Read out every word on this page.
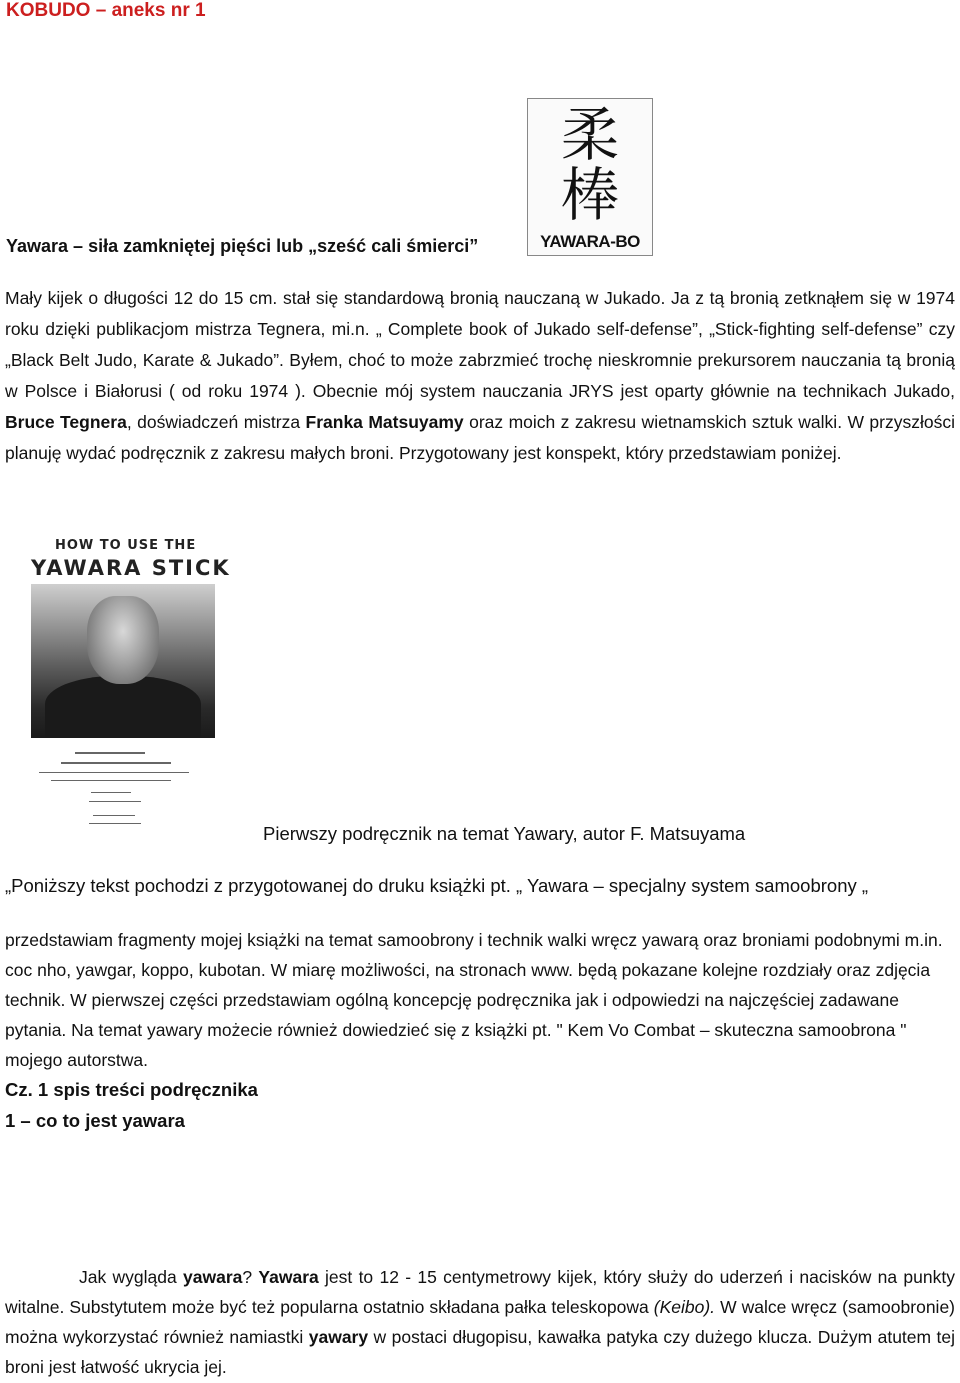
KOBUDO – aneks nr 1
Yawara – siła zamkniętej pięści lub „sześć cali śmierci”
柔
棒
YAWARA-BO

Mały kijek o długości 12 do 15 cm. stał się standardową bronią nauczaną w Jukado. Ja z tą bronią zetknąłem się w 1974 roku dzięki publikacjom mistrza Tegnera, mi.n. „ Complete book of Jukado self-defense”, „Stick-fighting self-defense” czy „Black Belt Judo, Karate & Jukado”. Byłem, choć to może zabrzmieć trochę nieskromnie prekursorem nauczania tą bronią w Polsce i Białorusi ( od roku 1974 ). Obecnie mój system nauczania JRYS jest oparty głównie na technikach Jukado, Bruce Tegnera, doświadczeń mistrza Franka Matsuyamy oraz moich z zakresu wietnamskich sztuk walki. W przyszłości planuję wydać podręcznik z zakresu małych broni. Przygotowany jest konspekt, który przedstawiam poniżej.

HOW TO USE THE
YAWARA STICK
Pierwszy podręcznik na temat Yawary, autor F. Matsuyama
„Poniższy tekst pochodzi z przygotowanej do druku książki pt. „ Yawara – specjalny system samoobrony „

przedstawiam fragmenty mojej książki na temat samoobrony i technik walki wręcz yawarą oraz broniami podobnymi m.in. coc nho, yawgar, koppo, kubotan. W miarę możliwości, na stronach www. będą pokazane kolejne rozdziały oraz zdjęcia technik. W pierwszej części przedstawiam ogólną koncepcję podręcznika jak i odpowiedzi na najczęściej zadawane pytania. Na temat yawary możecie również dowiedzieć się z książki pt. " Kem Vo Combat – skuteczna samoobrona " mojego autorstwa.

Cz. 1 spis treści podręcznika
1 – co to jest yawara

Jak wygląda yawara? Yawara jest to 12 - 15 centymetrowy kijek, który służy do uderzeń i nacisków na punkty witalne. Substytutem może być też popularna ostatnio składana pałka teleskopowa (Keibo). W walce wręcz (samoobronie) można wykorzystać również namiastki yawary w postaci długopisu, kawałka patyka czy dużego klucza. Dużym atutem tej broni jest łatwość ukrycia jej.
